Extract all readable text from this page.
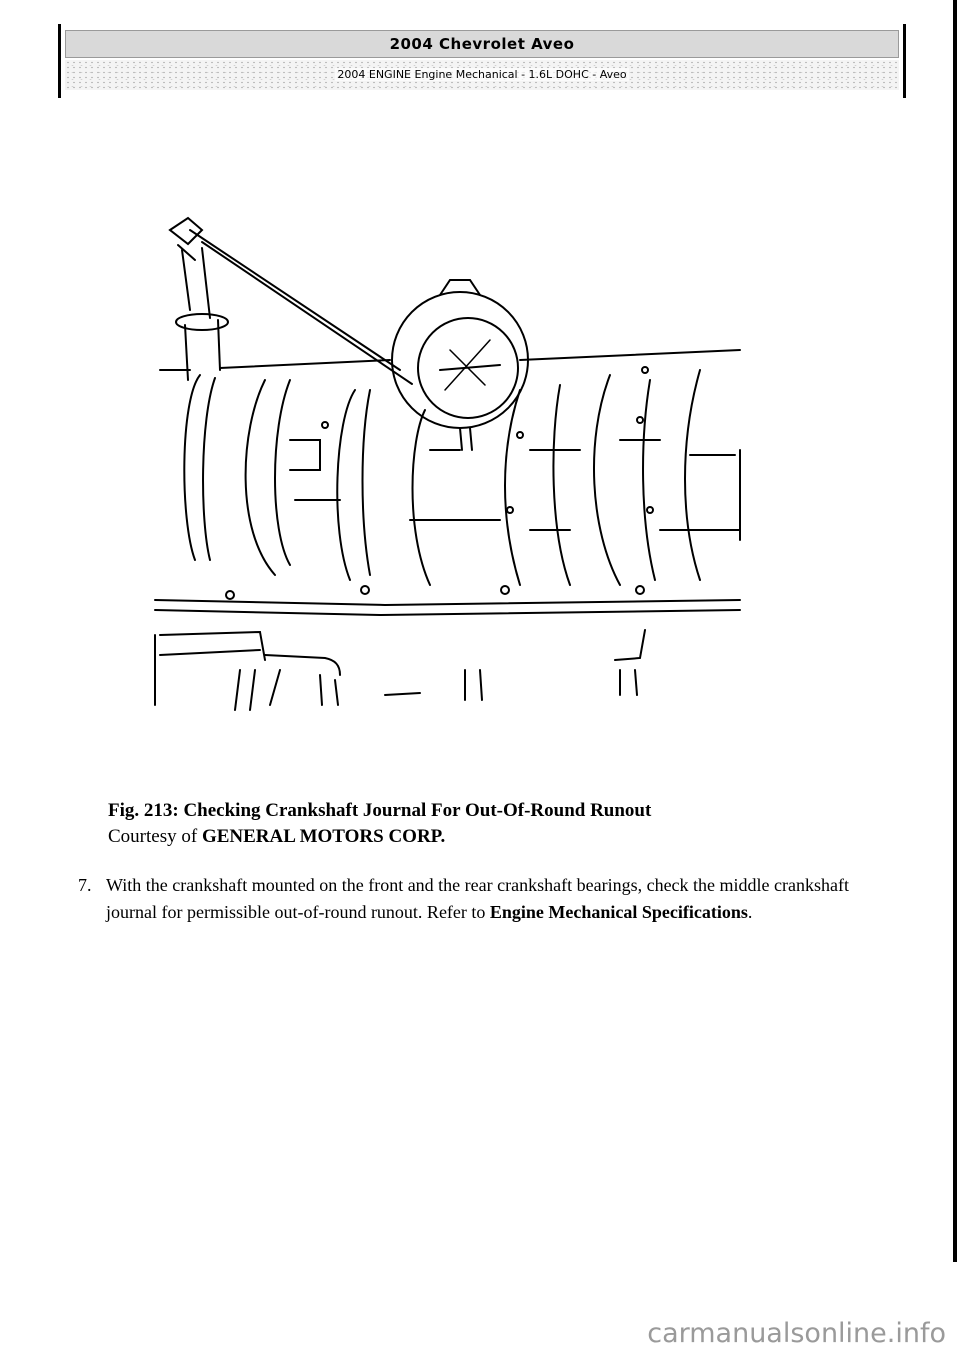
2004 Chevrolet Aveo
2004 ENGINE Engine Mechanical - 1.6L DOHC - Aveo
Fig. 213: Checking Crankshaft Journal For Out-Of-Round Runout
Courtesy of GENERAL MOTORS CORP.
7. With the crankshaft mounted on the front and the rear crankshaft bearings, check the middle crankshaft journal for permissible out-of-round runout. Refer to Engine Mechanical Specifications.
carmanualsonline.info
